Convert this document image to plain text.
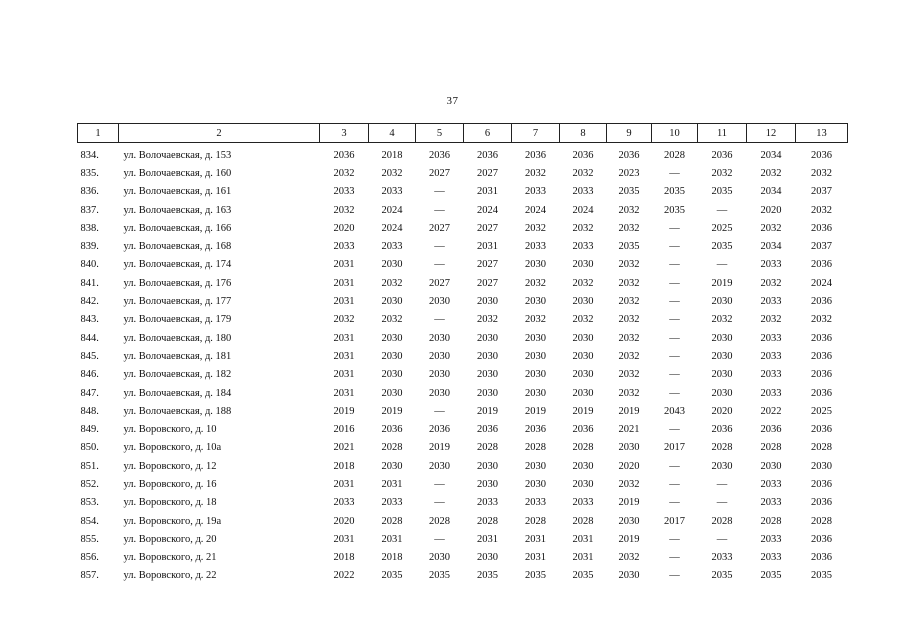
37
1	2	3	4	5	6	7	8	9	10	11	12	13
834.	ул. Волочаевская, д. 153	2036	2018	2036	2036	2036	2036	2036	2028	2036	2034	2036
835.	ул. Волочаевская, д. 160	2032	2032	2027	2027	2032	2032	2023	—	2032	2032	2032
836.	ул. Волочаевская, д. 161	2033	2033	—	2031	2033	2033	2035	2035	2035	2034	2037
837.	ул. Волочаевская, д. 163	2032	2024	—	2024	2024	2024	2032	2035	—	2020	2032
838.	ул. Волочаевская, д. 166	2020	2024	2027	2027	2032	2032	2032	—	2025	2032	2036
839.	ул. Волочаевская, д. 168	2033	2033	—	2031	2033	2033	2035	—	2035	2034	2037
840.	ул. Волочаевская, д. 174	2031	2030	—	2027	2030	2030	2032	—	—	2033	2036
841.	ул. Волочаевская, д. 176	2031	2032	2027	2027	2032	2032	2032	—	2019	2032	2024
842.	ул. Волочаевская, д. 177	2031	2030	2030	2030	2030	2030	2032	—	2030	2033	2036
843.	ул. Волочаевская, д. 179	2032	2032	—	2032	2032	2032	2032	—	2032	2032	2032
844.	ул. Волочаевская, д. 180	2031	2030	2030	2030	2030	2030	2032	—	2030	2033	2036
845.	ул. Волочаевская, д. 181	2031	2030	2030	2030	2030	2030	2032	—	2030	2033	2036
846.	ул. Волочаевская, д. 182	2031	2030	2030	2030	2030	2030	2032	—	2030	2033	2036
847.	ул. Волочаевская, д. 184	2031	2030	2030	2030	2030	2030	2032	—	2030	2033	2036
848.	ул. Волочаевская, д. 188	2019	2019	—	2019	2019	2019	2019	2043	2020	2022	2025
849.	ул. Воровского, д. 10	2016	2036	2036	2036	2036	2036	2021	—	2036	2036	2036
850.	ул. Воровского, д. 10а	2021	2028	2019	2028	2028	2028	2030	2017	2028	2028	2028
851.	ул. Воровского, д. 12	2018	2030	2030	2030	2030	2030	2020	—	2030	2030	2030
852.	ул. Воровского, д. 16	2031	2031	—	2030	2030	2030	2032	—	—	2033	2036
853.	ул. Воровского, д. 18	2033	2033	—	2033	2033	2033	2019	—	—	2033	2036
854.	ул. Воровского, д. 19а	2020	2028	2028	2028	2028	2028	2030	2017	2028	2028	2028
855.	ул. Воровского, д. 20	2031	2031	—	2031	2031	2031	2019	—	—	2033	2036
856.	ул. Воровского, д. 21	2018	2018	2030	2030	2031	2031	2032	—	2033	2033	2036
857.	ул. Воровского, д. 22	2022	2035	2035	2035	2035	2035	2030	—	2035	2035	2035
